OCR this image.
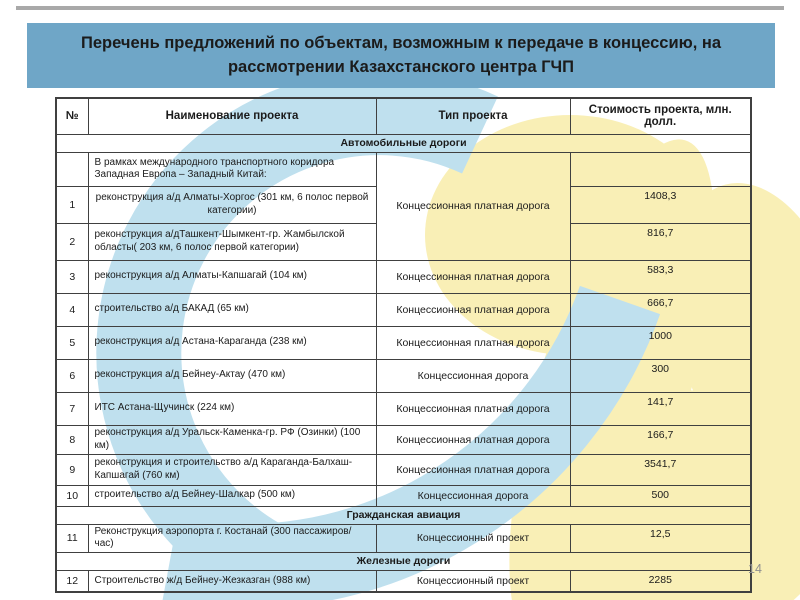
Перечень предложений по объектам, возможным к передаче в концессию, на рассмотрении Казахстанского центра ГЧП
№	Наименование проекта	Тип проекта	Стоимость проекта, млн. долл.
Автомобильные дороги			
	В рамках международного транспортного коридора Западная Европа – Западный Китай:	Концессионная платная дорога	
1	реконструкция а/д Алматы-Хоргос (301 км, 6 полос первой категории)		1408,3
2	реконструкция а/дТашкент-Шымкент-гр. Жамбылской областы( 203 км, 6 полос первой категории)		816,7
3	реконструкция а/д Алматы-Капшагай (104 км)	Концессионная платная дорога	583,3
4	строительство а/д БАКАД (65 км)	Концессионная платная дорога	666,7
5	реконструкция а/д Астана-Караганда (238 км)	Концессионная платная дорога	1000
6	реконструкция а/д Бейнеу-Актау (470 км)	Концессионная дорога	300
7	ИТС Астана-Щучинск (224 км)	Концессионная платная дорога	141,7
8	реконструкция а/д Уральск-Каменка-гр. РФ (Озинки) (100 км)	Концессионная платная дорога	166,7
9	реконструкция и строительство а/д Караганда-Балхаш-Капшагай (760 км)	Концессионная платная дорога	3541,7
10	строительство а/д Бейнеу-Шалкар (500 км)	Концессионная дорога	500
Гражданская авиация			
11	Реконструкция аэропорта г. Костанай (300 пассажиров/час)	Концессионный проект	12,5
Железные дороги			
12	Строительство ж/д Бейнеу-Жезказган (988 км)	Концессионный проект	2285
14
